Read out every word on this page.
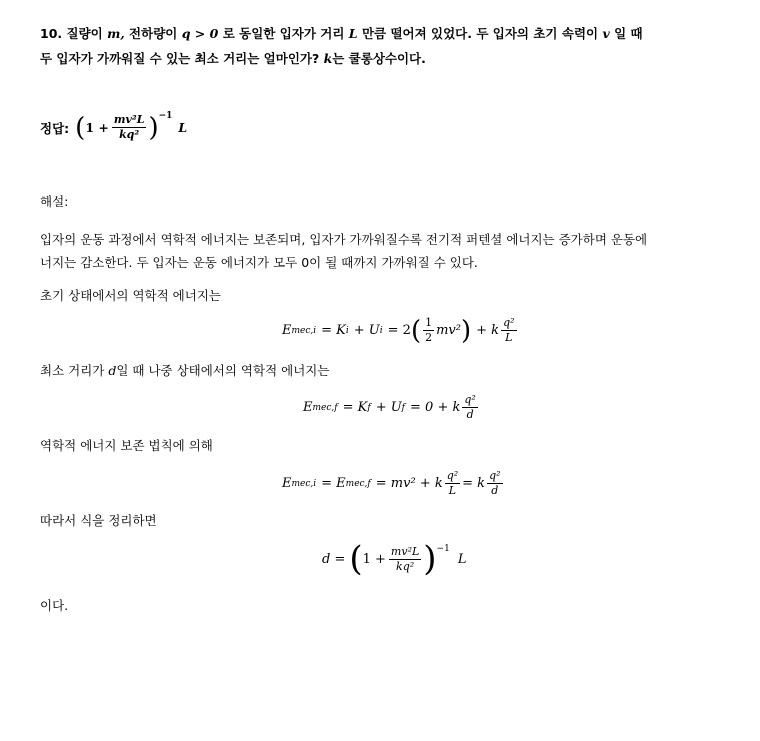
10. 질량이 m, 전하량이 q > 0 로 동일한 입자가 거리 L 만큼 떨어져 있었다. 두 입자의 초기 속력이 v 일 때
두 입자가 가까워질 수 있는 최소 거리는 얼마인가? k는 쿨롱상수이다.
정답: ( $1 + \frac{\text{mv²L}}{\text{kq²}}$ ) −1
L
해설:
입자의 운동 과정에서 역학적 에너지는 보존되며, 입자가 가까워질수록 전기적 퍼텐셜 에너지는 증가하며 운동에
너지는 감소한다. 두 입자는 운동 에너지가 모두 0이 될 때까지 가까워질 수 있다.
초기 상태에서의 역학적 에너지는
E mec,i = K i + U i = 2 ( $\frac{1}{2} mv^2$ ) + k $\frac{\text{q²}}{L}$
최소 거리가 d일 때 나중 상태에서의 역학적 에너지는
E mec,f = K f + U f = 0 + k $\frac{\text{q²}}{d}$
역학적 에너지 보존 법칙에 의해
E mec,i = E mec,f = mv² + k $\frac{\text{q²}}{L} = k \frac{\text{q²}}{d}$
따라서 식을 정리하면
d = ( $1 + \frac{\text{mv²L}}{\text{kq²}}$ ) −1
L
이다.
